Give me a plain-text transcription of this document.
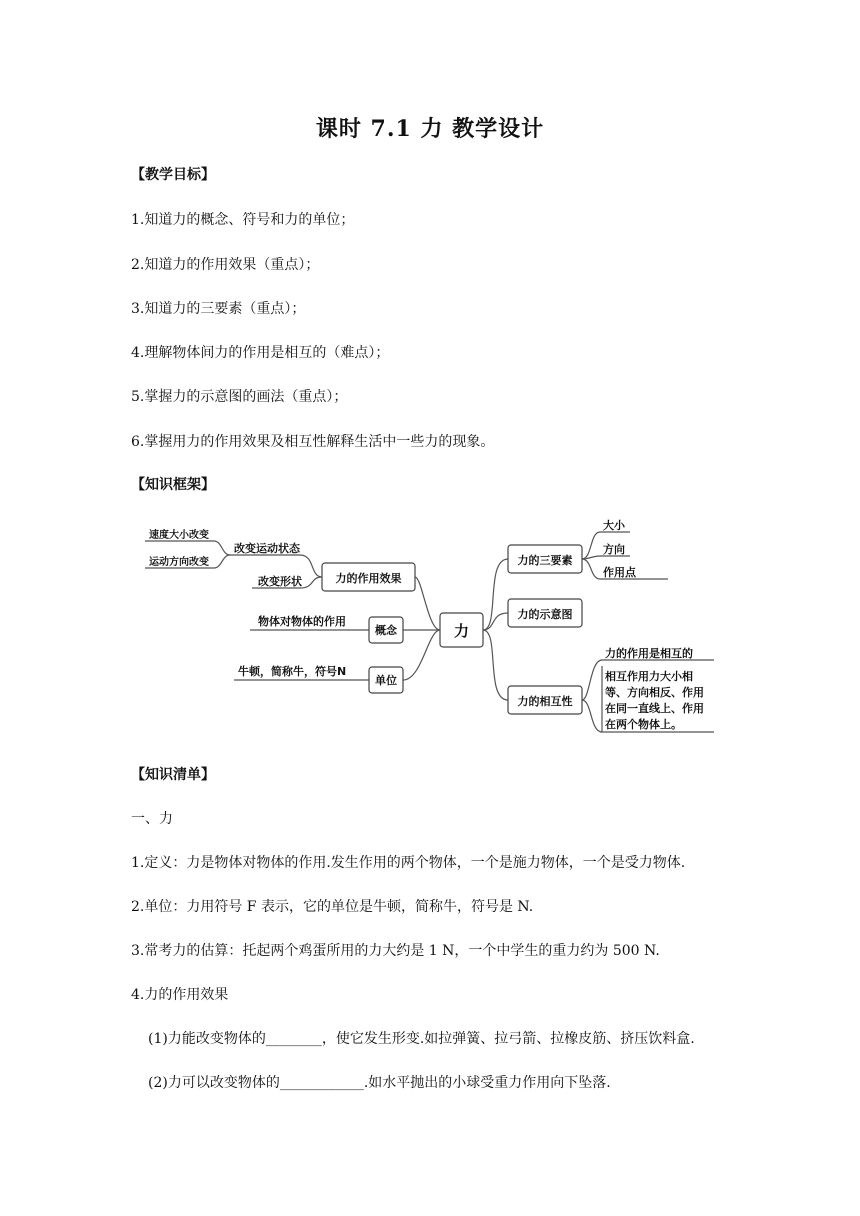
课时 7.1 力 教学设计
【教学目标】
1.知道力的概念、符号和力的单位；
2.知道力的作用效果（重点）；
3.知道力的三要素（重点）；
4.理解物体间力的作用是相互的（难点）；
5.掌握力的示意图的画法（重点）；
6.掌握用力的作用效果及相互性解释生活中一些力的现象。
【知识框架】
力
力的作用效果
概念
单位
改变运动状态
改变形状
速度大小改变
运动方向改变
物体对物体的作用
牛顿，简称牛，符号N
力的三要素
力的示意图
力的相互性
大小
方向
作用点
力的作用是相互的
相互作用力大小相
等、方向相反、作用
在同一直线上、作用
在两个物体上。
【知识清单】
一、力
1.定义：力是物体对物体的作用.发生作用的两个物体，一个是施力物体，一个是受力物体.
2.单位：力用符号 F 表示，它的单位是牛顿，简称牛，符号是 N.
3.常考力的估算：托起两个鸡蛋所用的力大约是 1 N，一个中学生的重力约为 500 N.
4.力的作用效果
(1)力能改变物体的________，使它发生形变.如拉弹簧、拉弓箭、拉橡皮筋、挤压饮料盒.
(2)力可以改变物体的____________.如水平抛出的小球受重力作用向下坠落.
